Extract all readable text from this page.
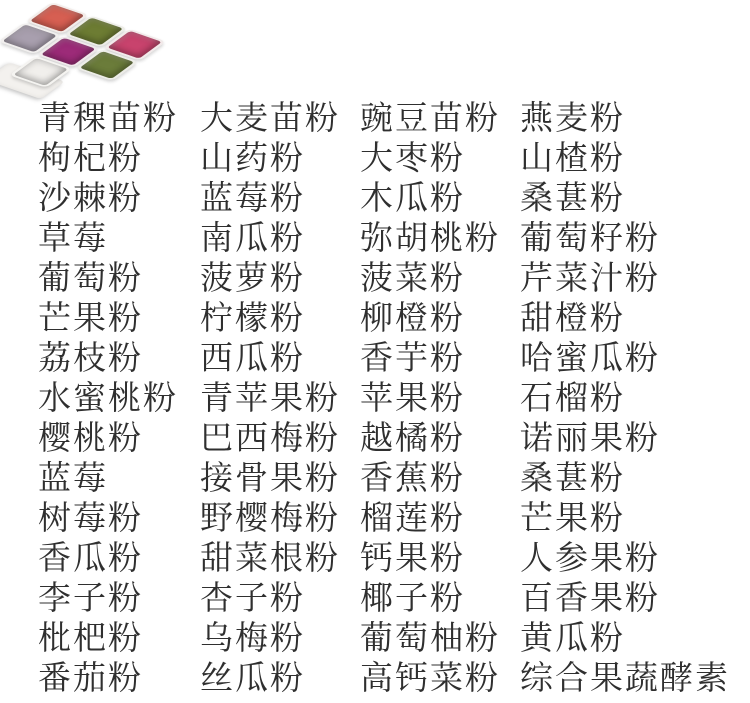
青稞苗粉 大麦苗粉 豌豆苗粉 燕麦粉
枸杞粉	山药粉	大枣粉	山楂粉
沙棘粉	蓝莓粉	木瓜粉	桑葚粉
草莓	南瓜粉	弥胡桃粉 葡萄籽粉
葡萄粉	菠萝粉	菠菜粉	芹菜汁粉
芒果粉	柠檬粉	柳橙粉	甜橙粉
荔枝粉	西瓜粉	香芋粉	哈蜜瓜粉
水蜜桃粉 青苹果粉 苹果粉	石榴粉
樱桃粉	巴西梅粉 越橘粉	诺丽果粉
蓝莓	接骨果粉 香蕉粉	桑葚粉
树莓粉	野樱梅粉 榴莲粉	芒果粉
香瓜粉	甜菜根粉 钙果粉	人参果粉
李子粉	杏子粉	椰子粉	百香果粉
枇杷粉	乌梅粉	葡萄柚粉 黄瓜粉
番茄粉	丝瓜粉	高钙菜粉 综合果蔬酵素
